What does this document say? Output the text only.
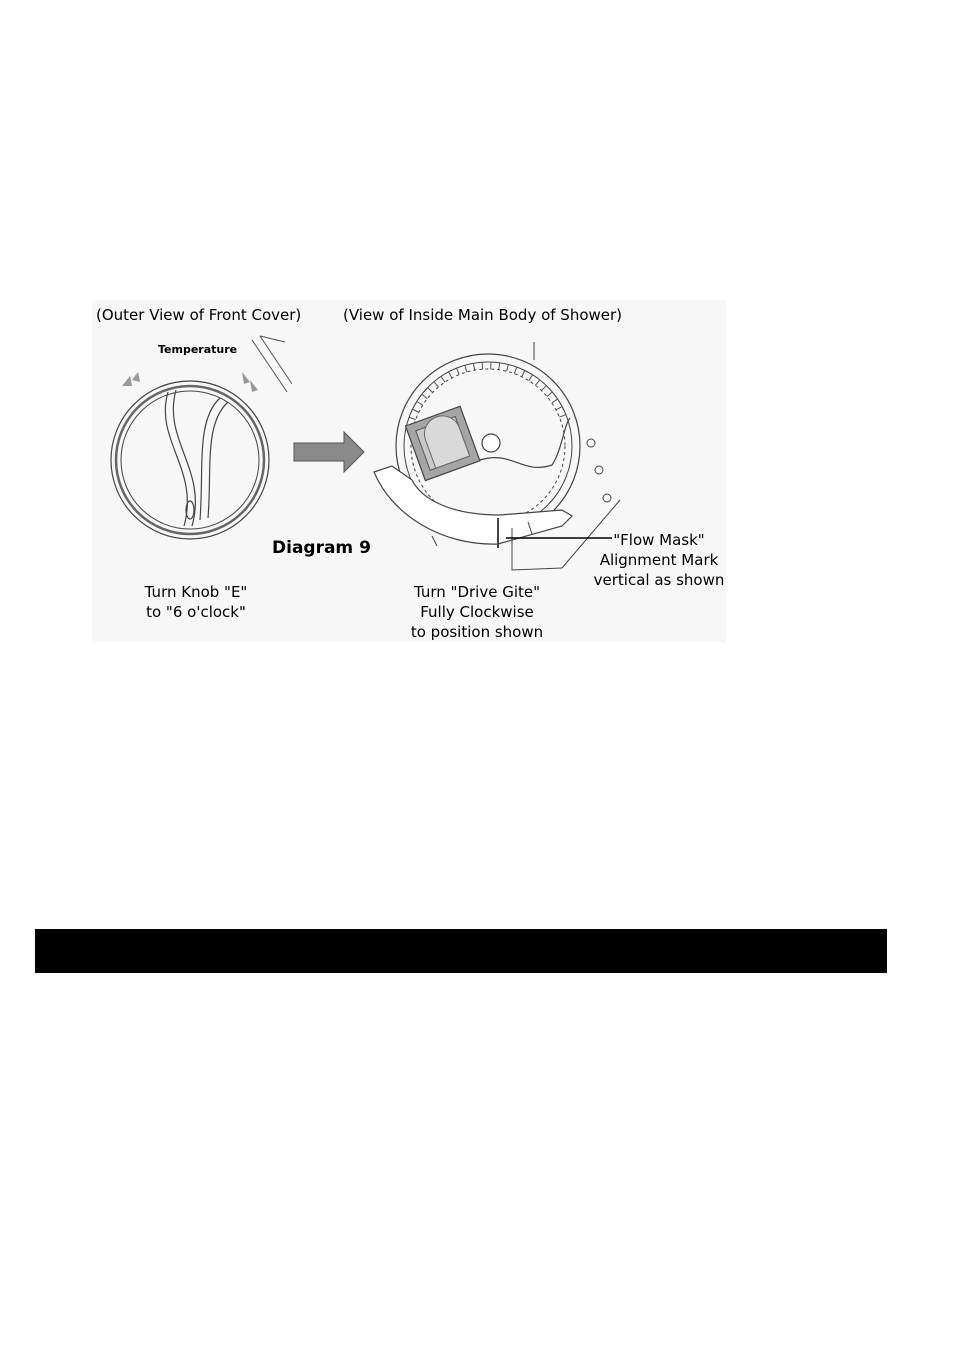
(Outer View of Front Cover)	(View of Inside Main Body of Shower)
Temperature
Diagram 9
Turn Knob "E"
to "6 o'clock"
Turn "Drive Gite"
Fully Clockwise
to position shown
"Flow Mask"
Alignment Mark
vertical as shown
